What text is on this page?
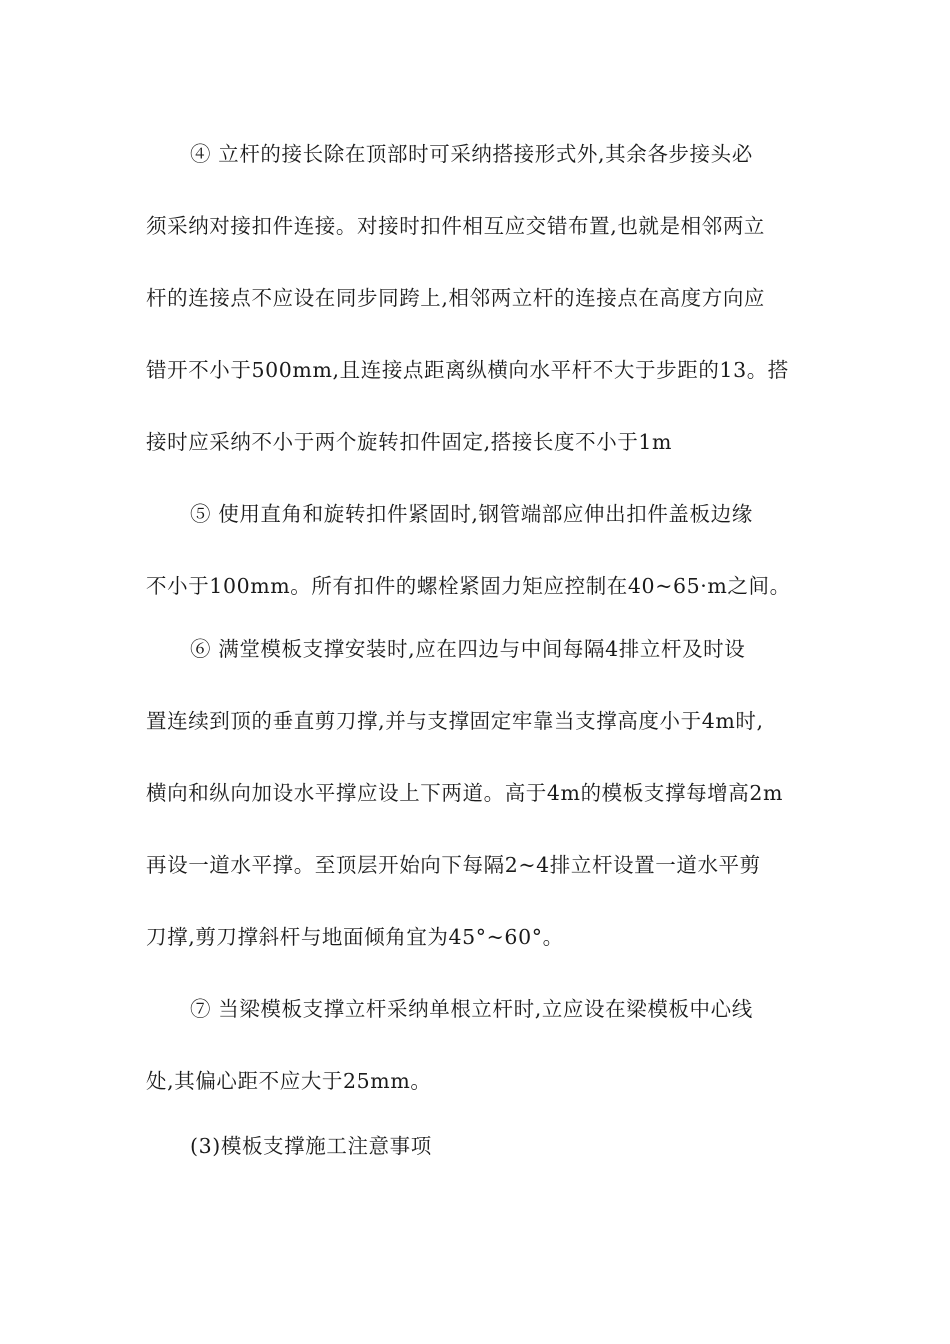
④ 立杆的接长除在顶部时可采纳搭接形式外,其余各步接头必
须采纳对接扣件连接。对接时扣件相互应交错布置,也就是相邻两立
杆的连接点不应设在同步同跨上,相邻两立杆的连接点在高度方向应
错开不小于500mm,且连接点距离纵横向水平杆不大于步距的13。搭
接时应采纳不小于两个旋转扣件固定,搭接长度不小于1m
⑤ 使用直角和旋转扣件紧固时,钢管端部应伸出扣件盖板边缘
不小于100mm。所有扣件的螺栓紧固力矩应控制在40~65·m之间。
⑥ 满堂模板支撑安装时,应在四边与中间每隔4排立杆及时设
置连续到顶的垂直剪刀撑,并与支撑固定牢靠当支撑高度小于4m时,
横向和纵向加设水平撑应设上下两道。高于4m的模板支撑每增高2m
再设一道水平撑。至顶层开始向下每隔2~4排立杆设置一道水平剪
刀撑,剪刀撑斜杆与地面倾角宜为45°~60°。
⑦ 当梁模板支撑立杆采纳单根立杆时,立应设在梁模板中心线
处,其偏心距不应大于25mm。
(3)模板支撑施工注意事项
